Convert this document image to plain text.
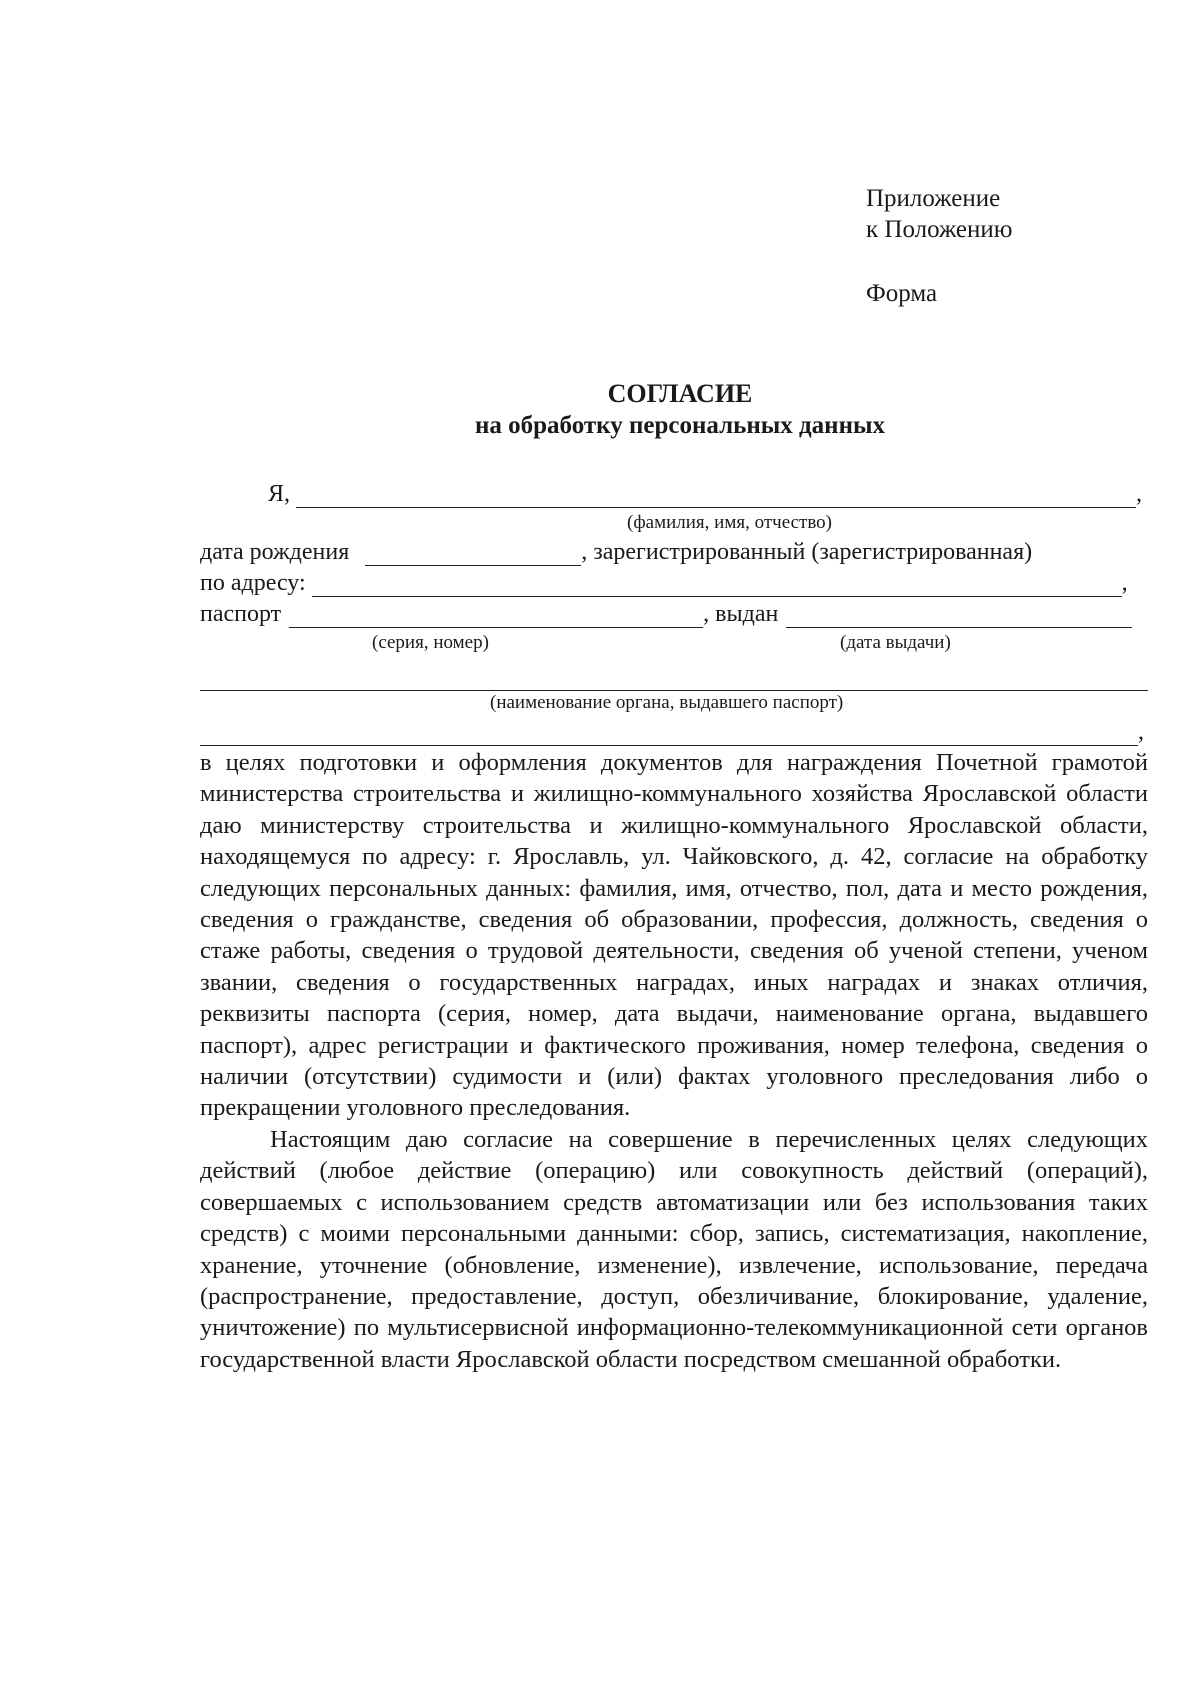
Приложение
к Положению
Форма
СОГЛАСИЕ
на обработку персональных данных
Я,	,
(фамилия, имя, отчество)
дата рождения	, зарегистрированный (зарегистрированная)
по адресу:	,
паспорт	, выдан
(серия, номер)	(дата выдачи)
(наименование органа, выдавшего паспорт)
,

в целях подготовки и оформления документов для награждения Почетной грамотой министерства строительства и жилищно-коммунального хозяйства Ярославской области даю министерству строительства и жилищно-коммунального Ярославской области, находящемуся по адресу: г. Ярославль, ул. Чайковского, д. 42, согласие на обработку следующих персональных данных: фамилия, имя, отчество, пол, дата и место рождения, сведения о гражданстве, сведения об образовании, профессия, должность, сведения о стаже работы, сведения о трудовой деятельности, сведения об ученой степени, ученом звании, сведения о государственных наградах, иных наградах и знаках отличия, реквизиты паспорта (серия, номер, дата выдачи, наименование органа, выдавшего паспорт), адрес регистрации и фактического проживания, номер телефона, сведения о наличии (отсутствии) судимости и (или) фактах уголовного преследования либо о прекращении уголовного преследования.

Настоящим даю согласие на совершение в перечисленных целях следующих действий (любое действие (операцию) или совокупность действий (операций), совершаемых с использованием средств автоматизации или без использования таких средств) с моими персональными данными: сбор, запись, систематизация, накопление, хранение, уточнение (обновление, изменение), извлечение, использование, передача (распространение, предоставление, доступ, обезличивание, блокирование, удаление, уничтожение) по мультисервисной информационно-телекоммуникационной сети органов государственной власти Ярославской области посредством смешанной обработки.
